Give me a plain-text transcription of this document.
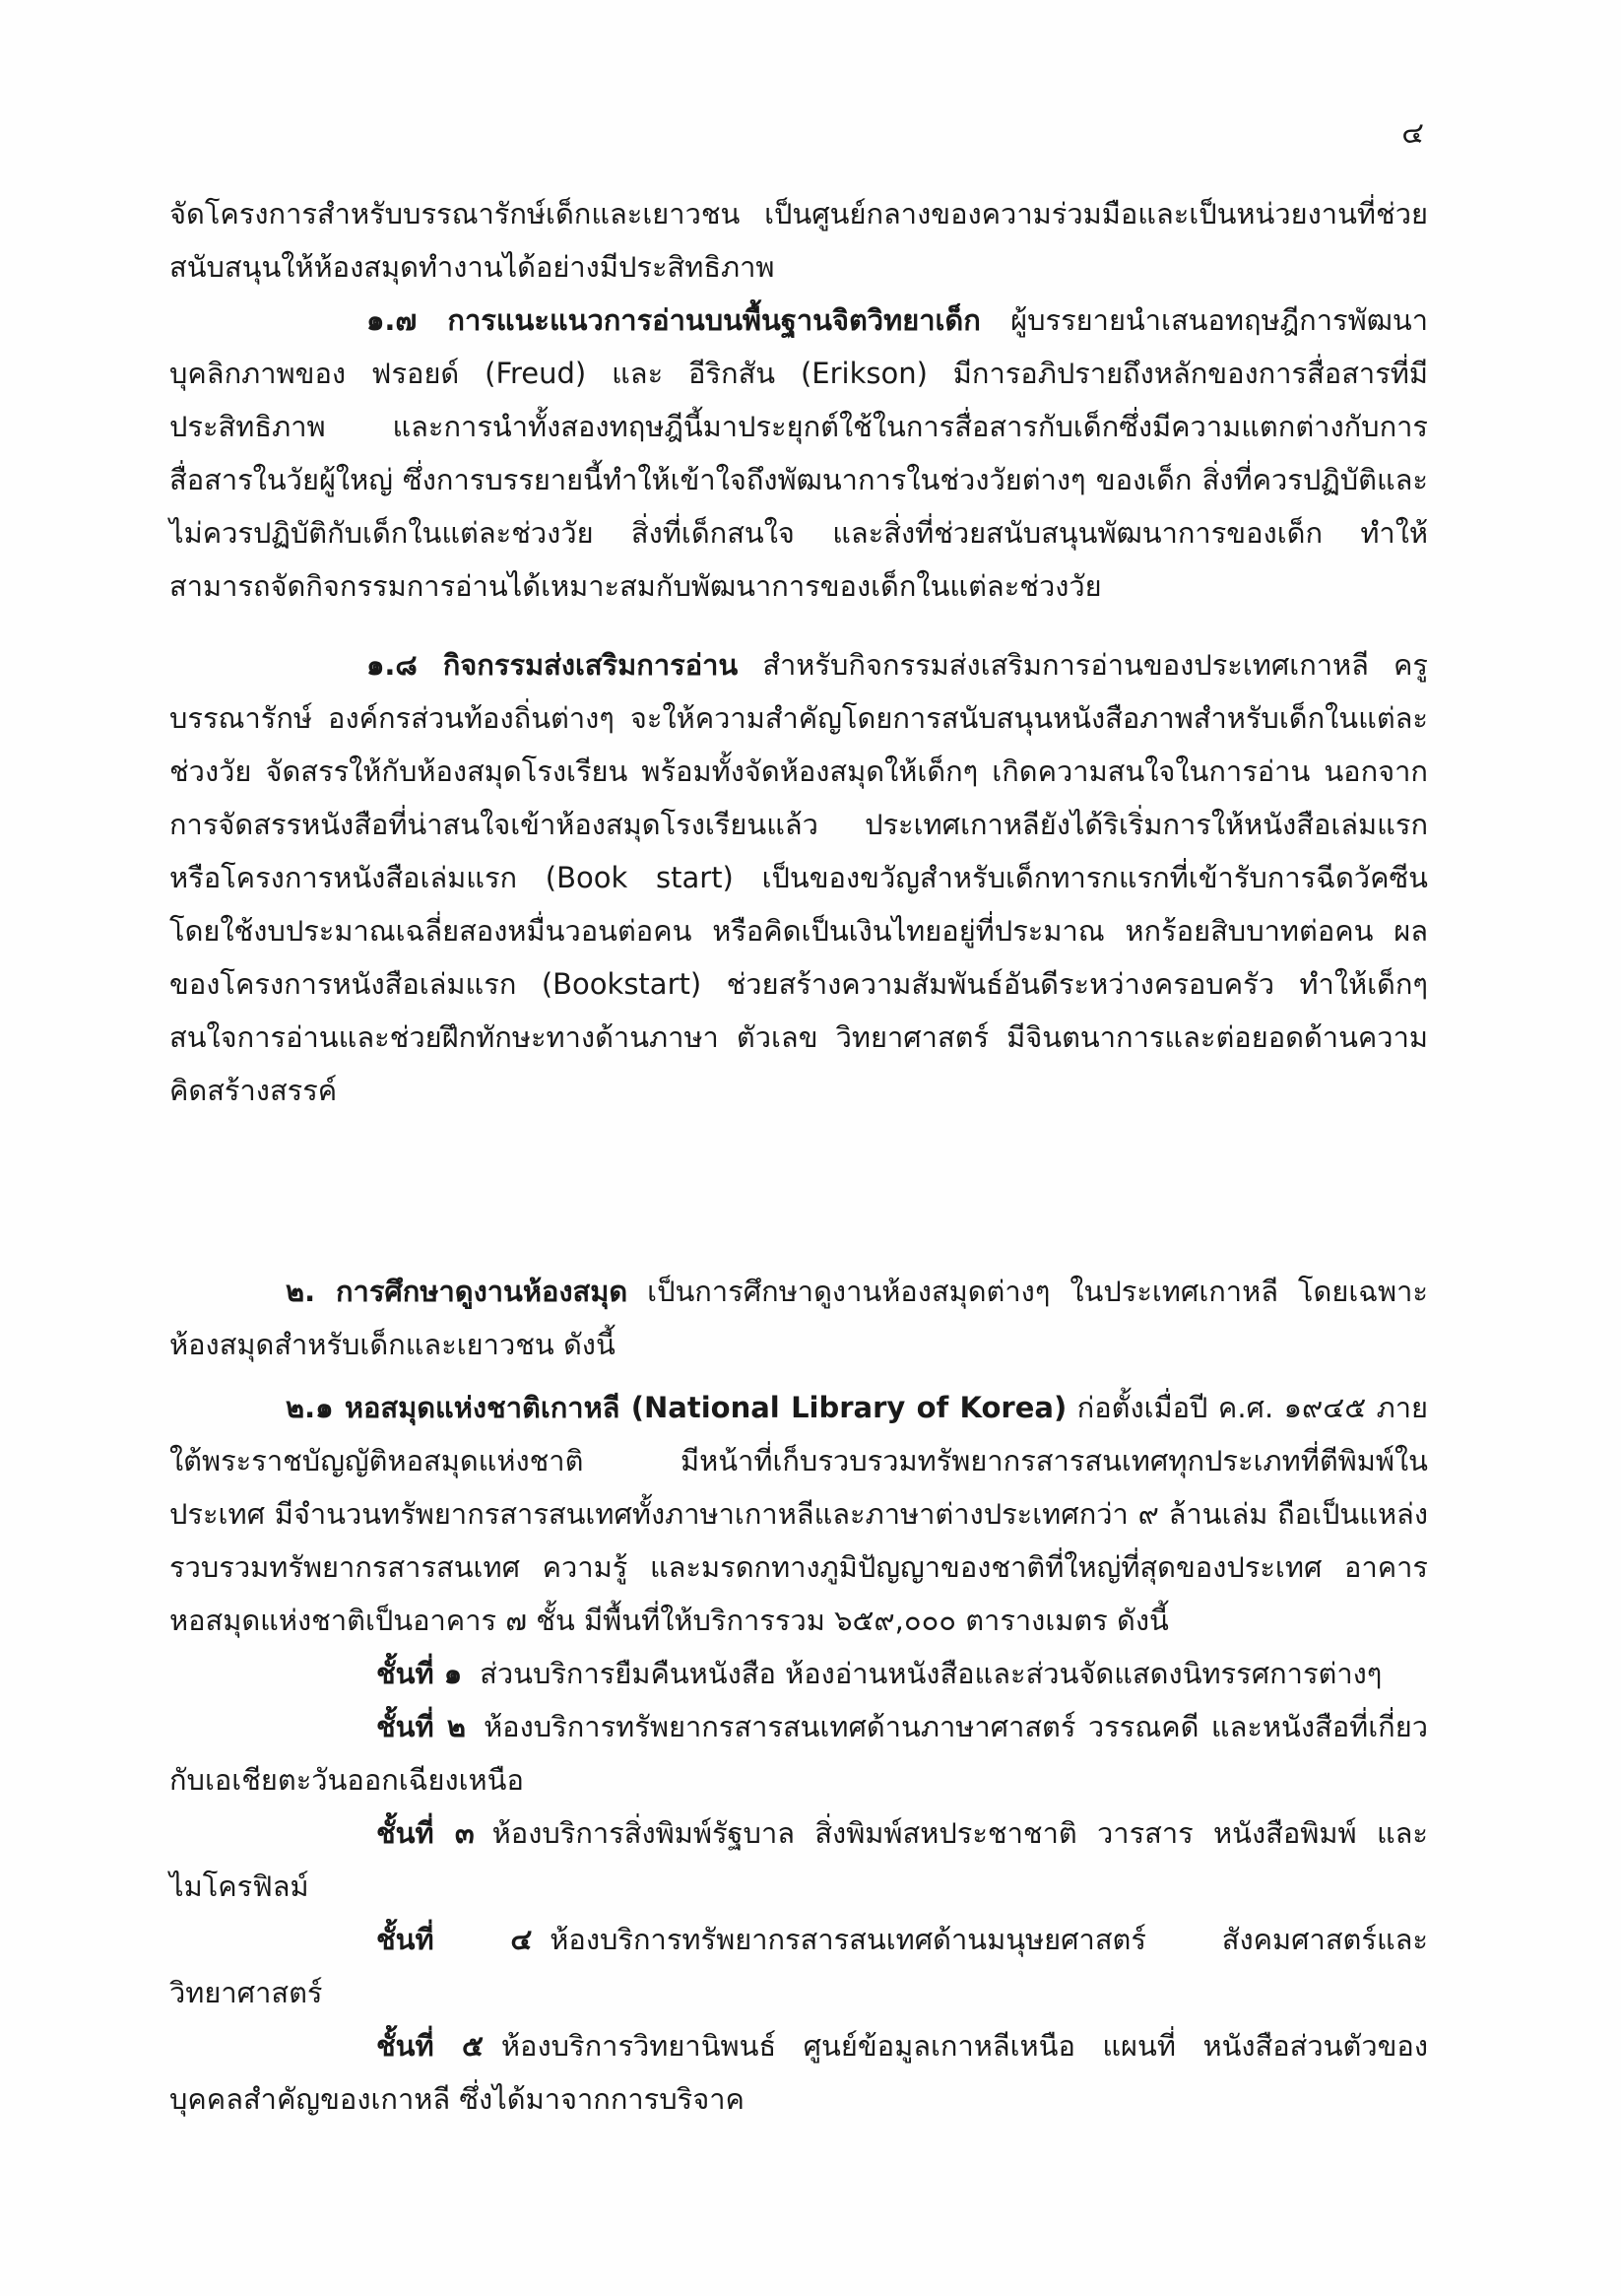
๔

จัดโครงการสำหรับบรรณารักษ์เด็กและเยาวชน เป็นศูนย์กลางของความร่วมมือและเป็นหน่วยงานที่ช่วยสนับสนุนให้ห้องสมุดทำงานได้อย่างมีประสิทธิภาพ

๑.๗ การแนะแนวการอ่านบนพื้นฐานจิตวิทยาเด็ก ผู้บรรยายนำเสนอทฤษฎีการพัฒนาบุคลิกภาพของ ฟรอยด์ (Freud) และ อีริกสัน (Erikson) มีการอภิปรายถึงหลักของการสื่อสารที่มีประสิทธิภาพ และการนำทั้งสองทฤษฎีนี้มาประยุกต์ใช้ในการสื่อสารกับเด็กซึ่งมีความแตกต่างกับการสื่อสารในวัยผู้ใหญ่ ซึ่งการบรรยายนี้ทำให้เข้าใจถึงพัฒนาการในช่วงวัยต่างๆ ของเด็ก สิ่งที่ควรปฏิบัติและไม่ควรปฏิบัติกับเด็กในแต่ละช่วงวัย สิ่งที่เด็กสนใจ และสิ่งที่ช่วยสนับสนุนพัฒนาการของเด็ก ทำให้สามารถจัดกิจกรรมการอ่านได้เหมาะสมกับพัฒนาการของเด็กในแต่ละช่วงวัย

๑.๘ กิจกรรมส่งเสริมการอ่าน สำหรับกิจกรรมส่งเสริมการอ่านของประเทศเกาหลี ครู บรรณารักษ์ องค์กรส่วนท้องถิ่นต่างๆ จะให้ความสำคัญโดยการสนับสนุนหนังสือภาพสำหรับเด็กในแต่ละช่วงวัย จัดสรรให้กับห้องสมุดโรงเรียน พร้อมทั้งจัดห้องสมุดให้เด็กๆ เกิดความสนใจในการอ่าน นอกจากการจัดสรรหนังสือที่น่าสนใจเข้าห้องสมุดโรงเรียนแล้ว ประเทศเกาหลียังได้ริเริ่มการให้หนังสือเล่มแรก หรือโครงการหนังสือเล่มแรก (Book start) เป็นของขวัญสำหรับเด็กทารกแรกที่เข้ารับการฉีดวัคซีน โดยใช้งบประมาณเฉลี่ยสองหมื่นวอนต่อคน หรือคิดเป็นเงินไทยอยู่ที่ประมาณ หกร้อยสิบบาทต่อคน ผลของโครงการหนังสือเล่มแรก (Bookstart) ช่วยสร้างความสัมพันธ์อันดีระหว่างครอบครัว ทำให้เด็กๆ สนใจการอ่านและช่วยฝึกทักษะทางด้านภาษา ตัวเลข วิทยาศาสตร์ มีจินตนาการและต่อยอดด้านความคิดสร้างสรรค์

๒. การศึกษาดูงานห้องสมุด เป็นการศึกษาดูงานห้องสมุดต่างๆ ในประเทศเกาหลี โดยเฉพาะห้องสมุดสำหรับเด็กและเยาวชน ดังนี้

๒.๑ หอสมุดแห่งชาติเกาหลี (National Library of Korea) ก่อตั้งเมื่อปี ค.ศ. ๑๙๔๕ ภายใต้พระราชบัญญัติหอสมุดแห่งชาติ มีหน้าที่เก็บรวบรวมทรัพยากรสารสนเทศทุกประเภทที่ตีพิมพ์ในประเทศ มีจำนวนทรัพยากรสารสนเทศทั้งภาษาเกาหลีและภาษาต่างประเทศกว่า ๙ ล้านเล่ม ถือเป็นแหล่งรวบรวมทรัพยากรสารสนเทศ ความรู้ และมรดกทางภูมิปัญญาของชาติที่ใหญ่ที่สุดของประเทศ อาคารหอสมุดแห่งชาติเป็นอาคาร ๗ ชั้น มีพื้นที่ให้บริการรวม ๖๕๙,๐๐๐ ตารางเมตร ดังนี้

ชั้นที่ ๑ ส่วนบริการยืมคืนหนังสือ ห้องอ่านหนังสือและส่วนจัดแสดงนิทรรศการต่างๆ

ชั้นที่ ๒ ห้องบริการทรัพยากรสารสนเทศด้านภาษาศาสตร์ วรรณคดี และหนังสือที่เกี่ยวกับเอเชียตะวันออกเฉียงเหนือ

ชั้นที่ ๓ ห้องบริการสิ่งพิมพ์รัฐบาล สิ่งพิมพ์สหประชาชาติ วารสาร หนังสือพิมพ์ และไมโครฟิลม์

ชั้นที่ ๔ ห้องบริการทรัพยากรสารสนเทศด้านมนุษยศาสตร์ สังคมศาสตร์และวิทยาศาสตร์

ชั้นที่ ๕ ห้องบริการวิทยานิพนธ์ ศูนย์ข้อมูลเกาหลีเหนือ แผนที่ หนังสือส่วนตัวของบุคคลสำคัญของเกาหลี ซึ่งได้มาจากการบริจาค
